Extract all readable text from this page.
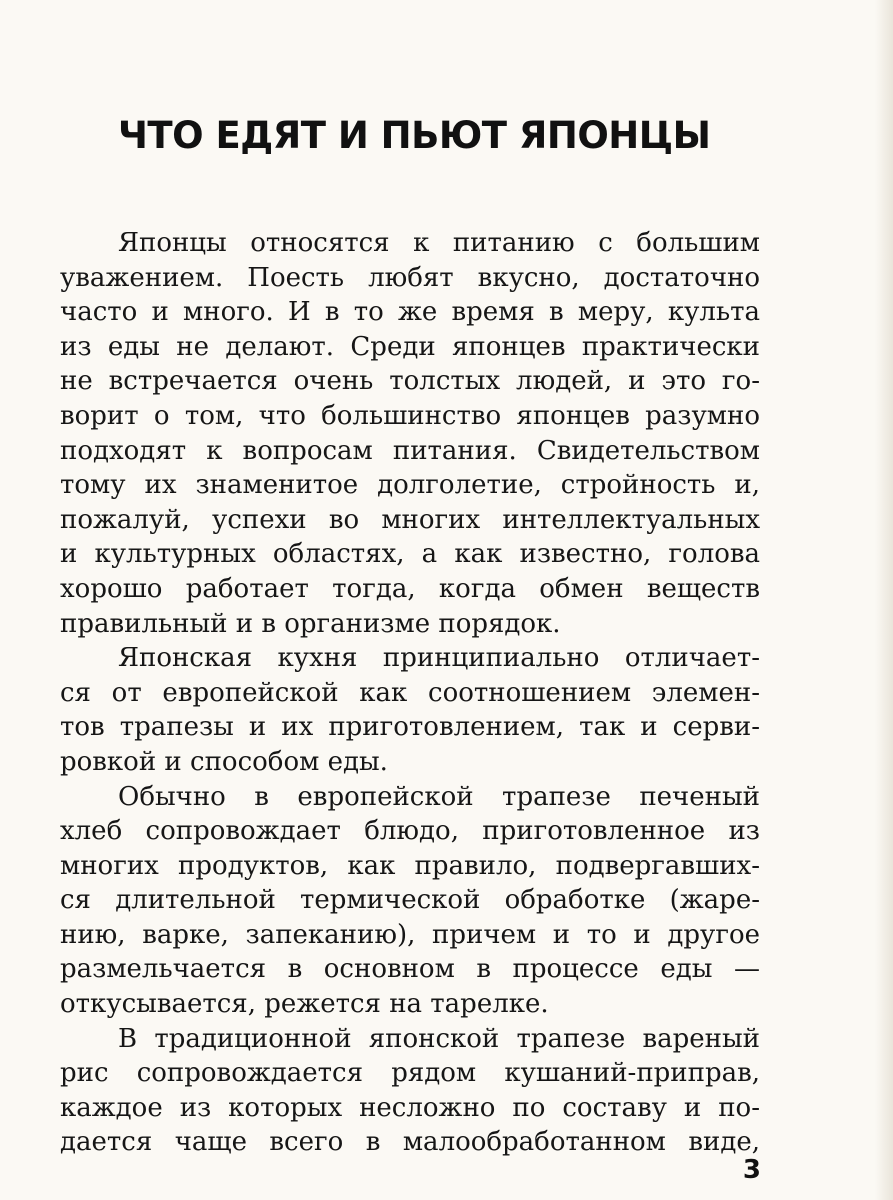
ЧТО ЕДЯТ И ПЬЮТ ЯПОНЦЫ
Японцы относятся к питанию с большим
уважением. Поесть любят вкусно, достаточно
часто и много. И в то же время в меру, культа
из еды не делают. Среди японцев практически
не встречается очень толстых людей, и это го-
ворит о том, что большинство японцев разумно
подходят к вопросам питания. Свидетельством
тому их знаменитое долголетие, стройность и,
пожалуй, успехи во многих интеллектуальных
и культурных областях, а как известно, голова
хорошо работает тогда, когда обмен веществ
правильный и в организме порядок.
Японская кухня принципиально отличает-
ся от европейской как соотношением элемен-
тов трапезы и их приготовлением, так и серви-
ровкой и способом еды.
Обычно в европейской трапезе печеный
хлеб сопровождает блюдо, приготовленное из
многих продуктов, как правило, подвергавших-
ся длительной термической обработке (жаре-
нию, варке, запеканию), причем и то и другое
размельчается в основном в процессе еды —
откусывается, режется на тарелке.
В традиционной японской трапезе вареный
рис сопровождается рядом кушаний-приправ,
каждое из которых несложно по составу и по-
дается чаще всего в малообработанном виде,
3
